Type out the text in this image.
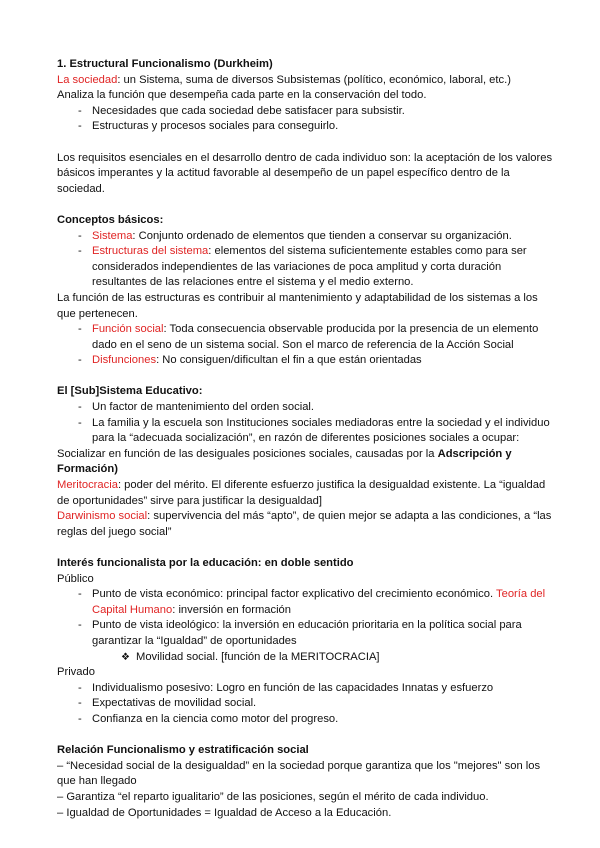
1. Estructural Funcionalismo (Durkheim)

La sociedad: un Sistema, suma de diversos Subsistemas (político, económico, laboral, etc.)

Analiza la función que desempeña cada parte en la conservación del todo.

- Necesidades que cada sociedad debe satisfacer para subsistir.
- Estructuras y procesos sociales para conseguirlo.

Los requisitos esenciales en el desarrollo dentro de cada individuo son: la aceptación de los valores básicos imperantes y la actitud favorable al desempeño de un papel específico dentro de la sociedad.

Conceptos básicos:

- Sistema: Conjunto ordenado de elementos que tienden a conservar su organización.
- Estructuras del sistema: elementos del sistema suficientemente estables como para ser considerados independientes de las variaciones de poca amplitud y corta duración resultantes de las relaciones entre el sistema y el medio externo.

La función de las estructuras es contribuir al mantenimiento y adaptabilidad de los sistemas a los que pertenecen.

- Función social: Toda consecuencia observable producida por la presencia de un elemento dado en el seno de un sistema social. Son el marco de referencia de la Acción Social
- Disfunciones: No consiguen/dificultan el fin a que están orientadas

El [Sub]Sistema Educativo:

- Un factor de mantenimiento del orden social.
- La familia y la escuela son Instituciones sociales mediadoras entre la sociedad y el individuo para la “adecuada socialización”, en razón de diferentes posiciones sociales a ocupar:

Socializar en función de las desiguales posiciones sociales, causadas por la Adscripción y Formación)

Meritocracia: poder del mérito. El diferente esfuerzo justifica la desigualdad existente. La “igualdad de oportunidades” sirve para justificar la desigualdad]

Darwinismo social: supervivencia del más “apto”, de quien mejor se adapta a las condiciones, a “las reglas del juego social”

Interés funcionalista por la educación: en doble sentido

Público

- Punto de vista económico: principal factor explicativo del crecimiento económico. Teoría del Capital Humano: inversión en formación
- Punto de vista ideológico: la inversión en educación prioritaria en la política social para garantizar la “Igualdad” de oportunidades
❖ Movilidad social. [función de la MERITOCRACIA]

Privado

- Individualismo posesivo: Logro en función de las capacidades Innatas y esfuerzo
- Expectativas de movilidad social.
- Confianza en la ciencia como motor del progreso.

Relación Funcionalismo y estratificación social

– “Necesidad social de la desigualdad” en la sociedad porque garantiza que los "mejores" son los que han llegado

– Garantiza “el reparto igualitario” de las posiciones, según el mérito de cada individuo.

– Igualdad de Oportunidades = Igualdad de Acceso a la Educación.
